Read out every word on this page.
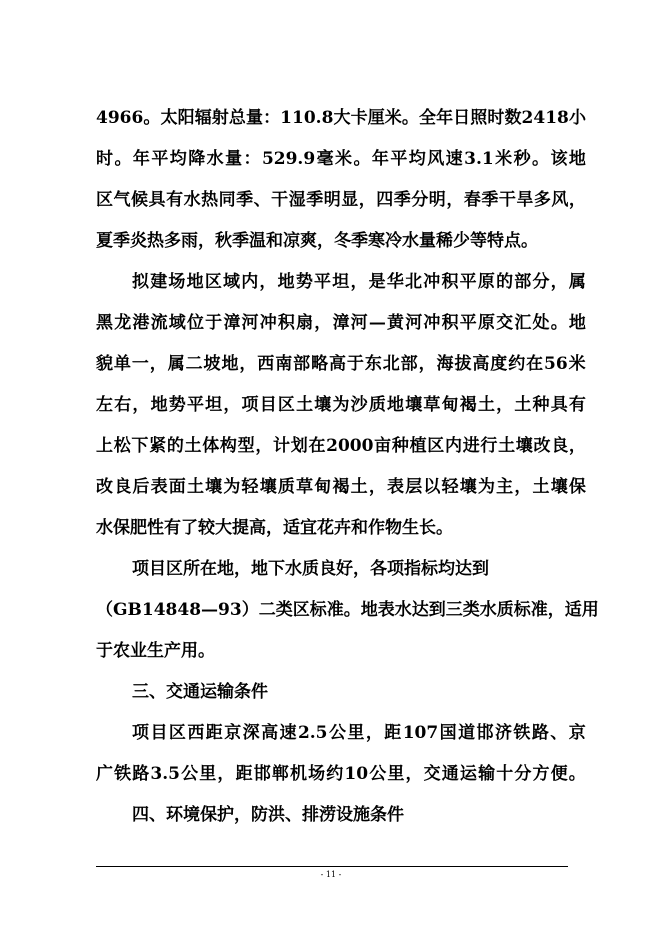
4966 。 太 阳 辐 射 总 量 ： 110.8 大 卡 厘 米 。 全 年 日 照 时 数 2418 小
时 。 年 平 均 降 水 量 ： 529.9 毫 米 。 年 平 均 风 速 3.1 米 秒 。 该 地
区 气 候 具 有 水 热 同 季 、 干 湿 季 明 显 ， 四 季 分 明 ， 春 季 干 旱 多 风 ，
夏季炎热多雨，秋季温和凉爽，冬季寒冷水量稀少等特点。
拟 建 场 地 区 域 内 ， 地 势 平 坦 ， 是 华 北 冲 积 平 原 的 部 分 ， 属
黑 龙 港 流 域 位 于 漳 河 冲 积 扇 ， 漳 河 — 黄 河 冲 积 平 原 交 汇 处 。 地
貌 单 一 ， 属 二 坡 地 ， 西 南 部 略 高 于 东 北 部 ， 海 拔 高 度 约 在 56 米
左 右 ， 地 势 平 坦 ， 项 目 区 土 壤 为 沙 质 地 壤 草 甸 褐 土 ， 土 种 具 有
上 松 下 紧 的 土 体 构 型 ， 计 划 在 2000 亩 种 植 区 内 进 行 土 壤 改 良 ，
改 良 后 表 面 土 壤 为 轻 壤 质 草 甸 褐 土 ， 表 层 以 轻 壤 为 主 ， 土 壤 保
水保肥性有了较大提高，适宜花卉和作物生长。
项目区所在地，地下水质良好，各项指标均达到
（ GB14848 — 93 ） 二 类 区 标 准 。 地 表 水 达 到 三 类 水 质 标 准 ， 适 用
于农业生产用。
三、交通运输条件
项 目 区 西 距 京 深 高 速 2.5 公 里 ， 距 107 国 道 邯 济 铁 路 、 京
广 铁 路 3.5 公 里 ， 距 邯 郸 机 场 约 10 公 里 ， 交 通 运 输 十 分 方 便 。
四、环境保护，防洪、排涝设施条件
- 11 -
